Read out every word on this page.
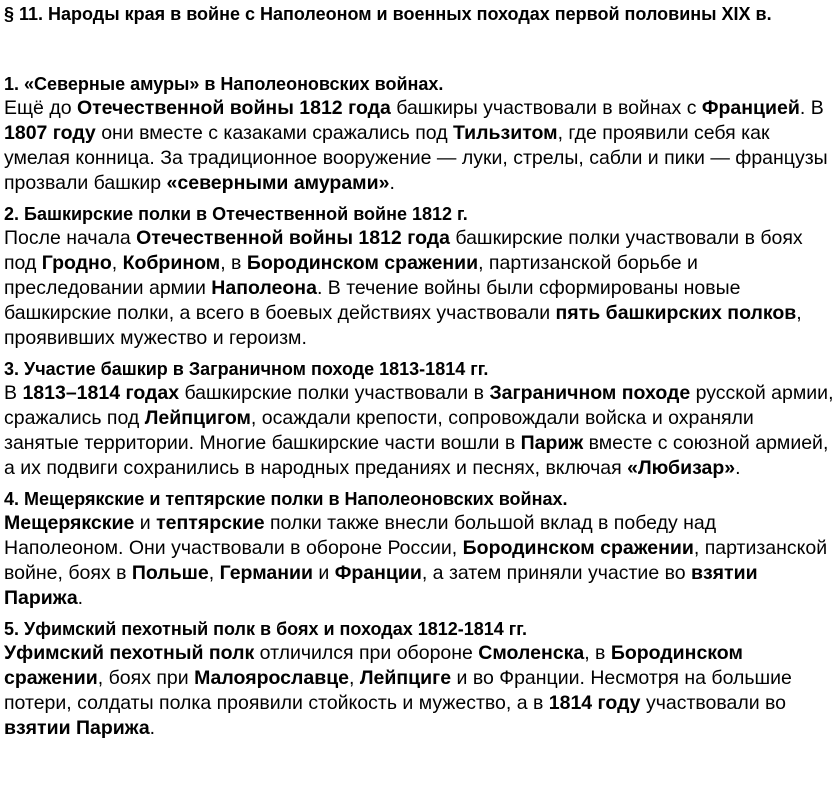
§ 11. Народы края в войне с Наполеоном и военных походах первой половины XIX в.
1. «Северные амуры» в Наполеоновских войнах.

Ещё до Отечественной войны 1812 года башкиры участвовали в войнах с Францией. В 1807 году они вместе с казаками сражались под Тильзитом, где проявили себя как умелая конница. За традиционное вооружение — луки, стрелы, сабли и пики — французы прозвали башкир «северными амурами».

2. Башкирские полки в Отечественной войне 1812 г.

После начала Отечественной войны 1812 года башкирские полки участвовали в боях под Гродно, Кобрином, в Бородинском сражении, партизанской борьбе и преследовании армии Наполеона. В течение войны были сформированы новые башкирские полки, а всего в боевых действиях участвовали пять башкирских полков, проявивших мужество и героизм.

3. Участие башкир в Заграничном походе 1813-1814 гг.

В 1813–1814 годах башкирские полки участвовали в Заграничном походе русской армии, сражались под Лейпцигом, осаждали крепости, сопровождали войска и охраняли занятые территории. Многие башкирские части вошли в Париж вместе с союзной армией, а их подвиги сохранились в народных преданиях и песнях, включая «Любизар».

4. Мещерякские и тептярские полки в Наполеоновских войнах.

Мещерякские и тептярские полки также внесли большой вклад в победу над Наполеоном. Они участвовали в обороне России, Бородинском сражении, партизанской войне, боях в Польше, Германии и Франции, а затем приняли участие во взятии Парижа.

5. Уфимский пехотный полк в боях и походах 1812-1814 гг.

Уфимский пехотный полк отличился при обороне Смоленска, в Бородинском сражении, боях при Малоярославце, Лейпциге и во Франции. Несмотря на большие потери, солдаты полка проявили стойкость и мужество, а в 1814 году участвовали во взятии Парижа.
